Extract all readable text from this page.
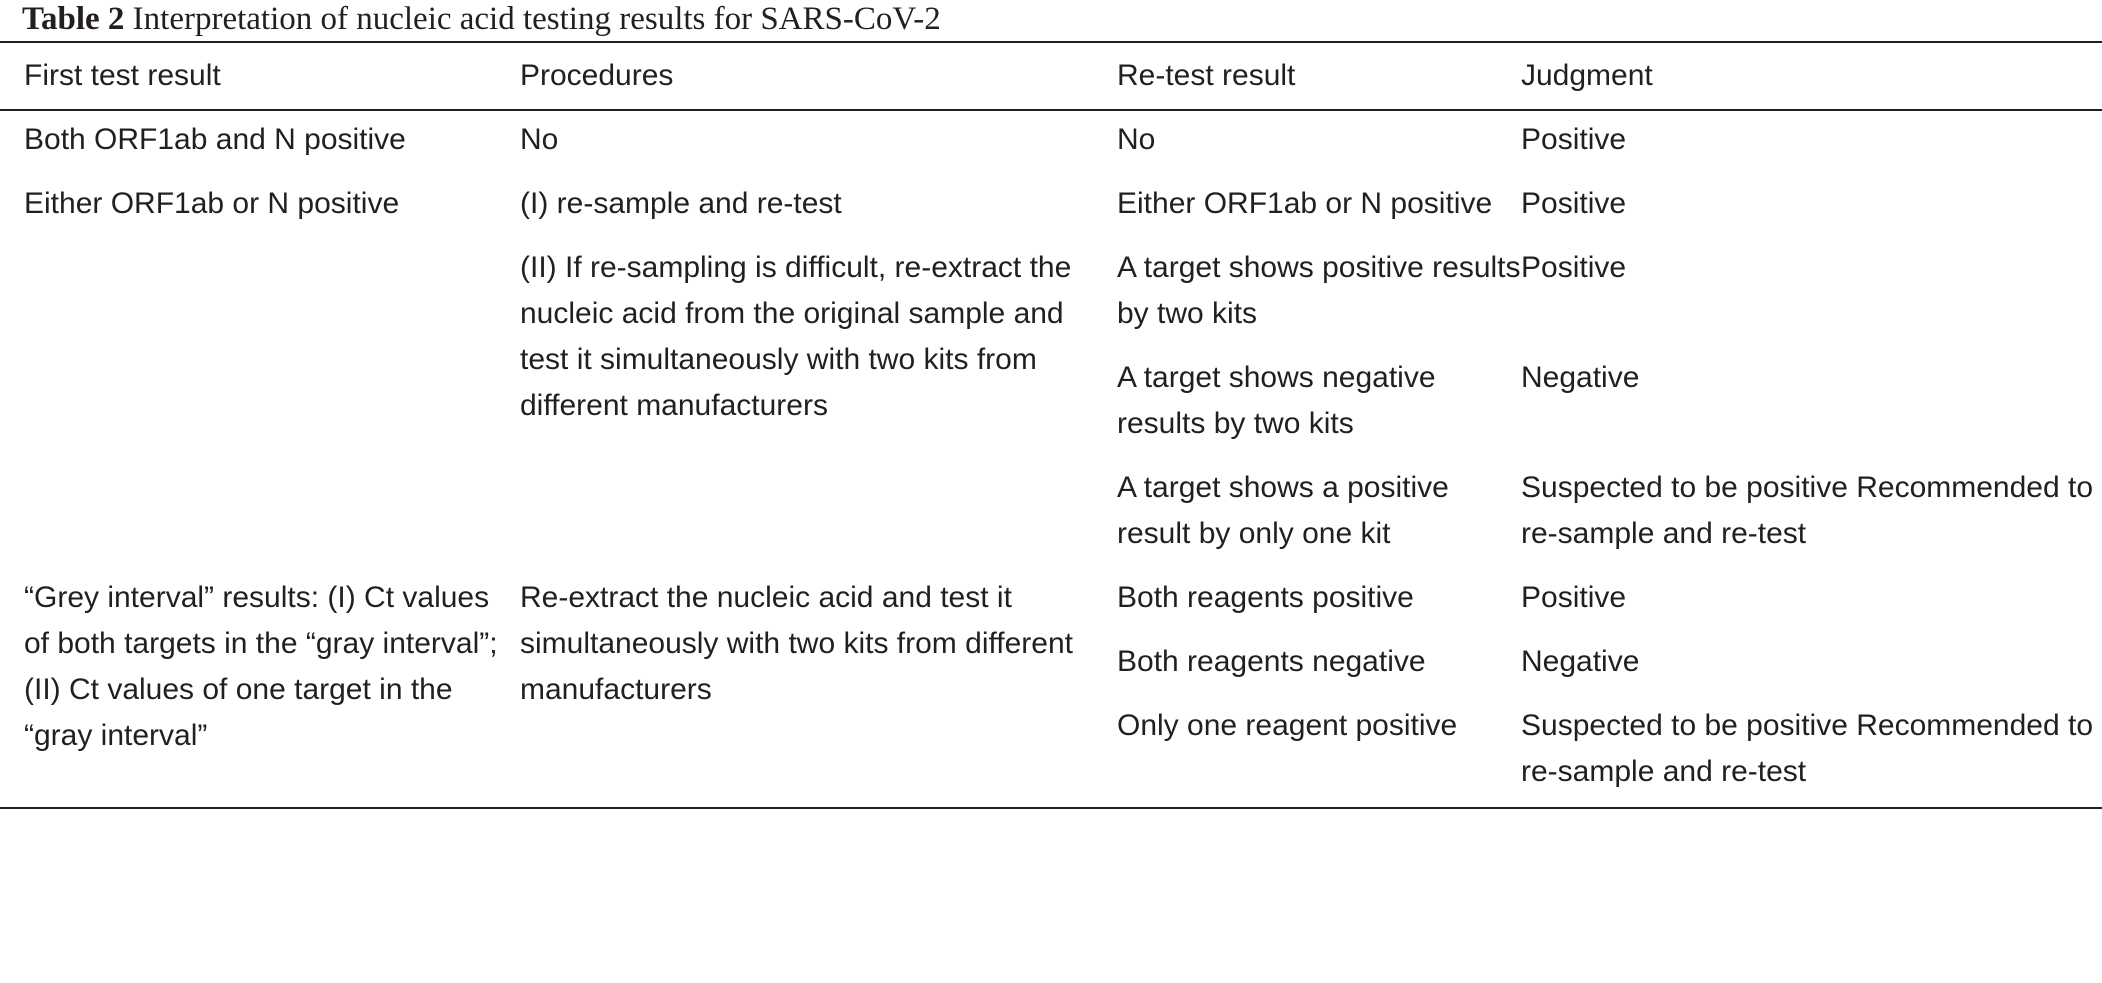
Table 2 Interpretation of nucleic acid testing results for SARS-CoV-2
First test result	Procedures	Re-test result	Judgment

Both ORF1ab and N positive	No	No	Positive

Either ORF1ab or N positive	(I) re-sample and re-test	Either ORF1ab or N positive	Positive

	(II) If re-sampling is difficult, re-extract the nucleic acid from the original sample and test it simultaneously with two kits from different manufacturers	A target shows positive results by two kits	Positive

		A target shows negative results by two kits	Negative

		A target shows a positive result by only one kit	Suspected to be positive Recommended to re-sample and re-test

“Grey interval” results: (I) Ct values of both targets in the “gray interval”; (II) Ct values of one target in the “gray interval”	Re-extract the nucleic acid and test it simultaneously with two kits from different manufacturers	Both reagents positive	Positive

		Both reagents negative	Negative

		Only one reagent positive	Suspected to be positive Recommended to re-sample and re-test
